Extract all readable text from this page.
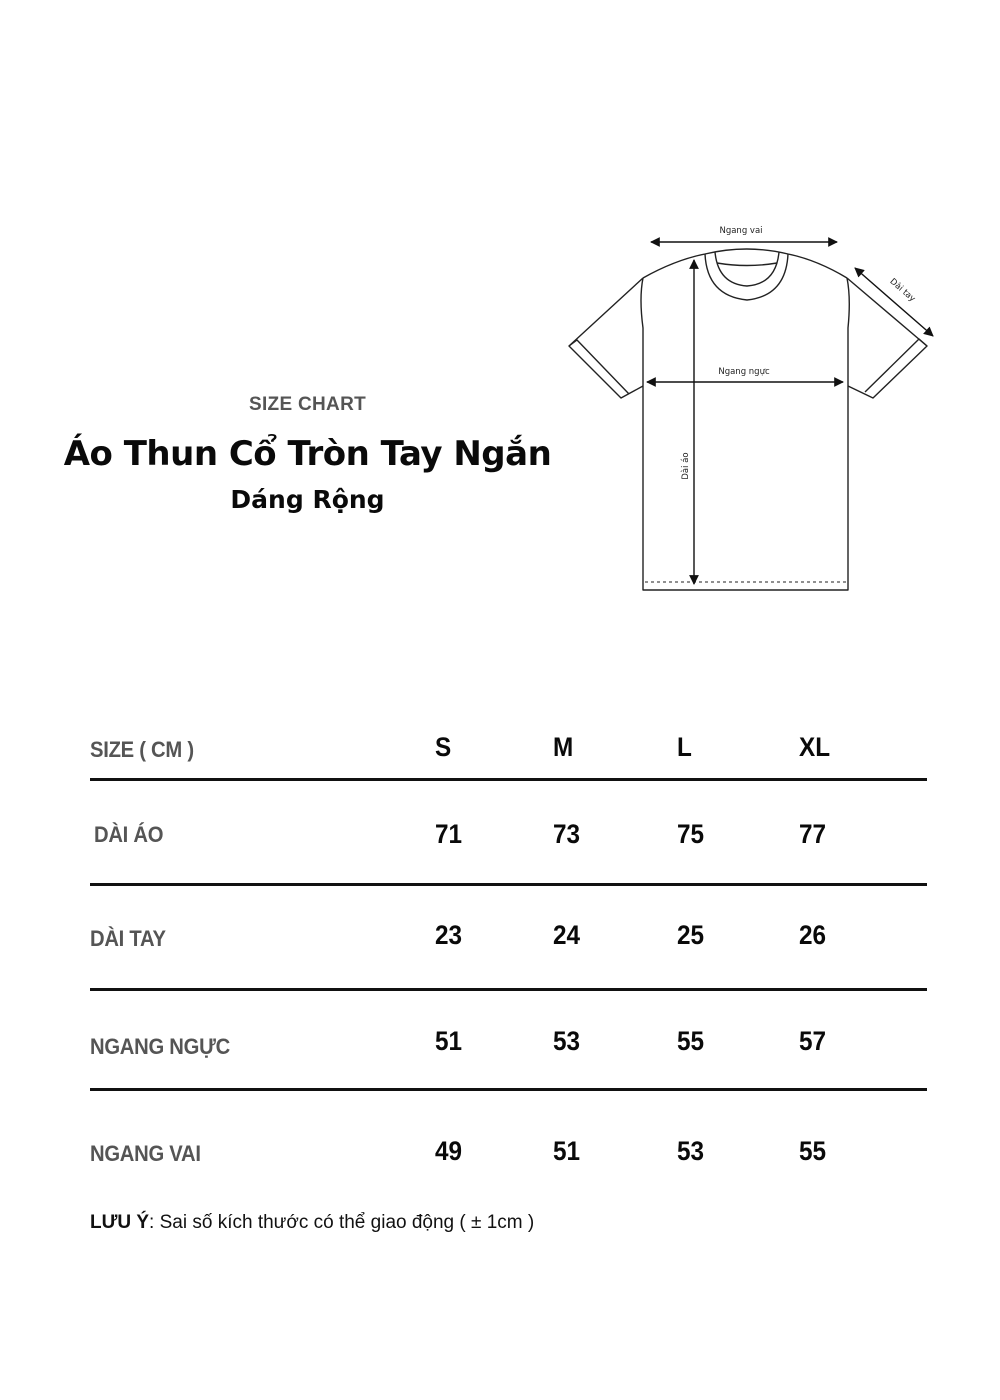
SIZE CHART
Áo Thun Cổ Tròn Tay Ngắn
Dáng Rộng
Ngang vai
Ngang ngực
Dài áo
Dài tay
SIZE ( CM )	S	M	L	XL
DÀI ÁO	71	73	75	77
DÀI TAY	23	24	25	26
NGANG NGỰC	51	53	55	57
NGANG VAI	49	51	53	55
LƯU Ý: Sai số kích thước có thể giao động ( ± 1cm )
